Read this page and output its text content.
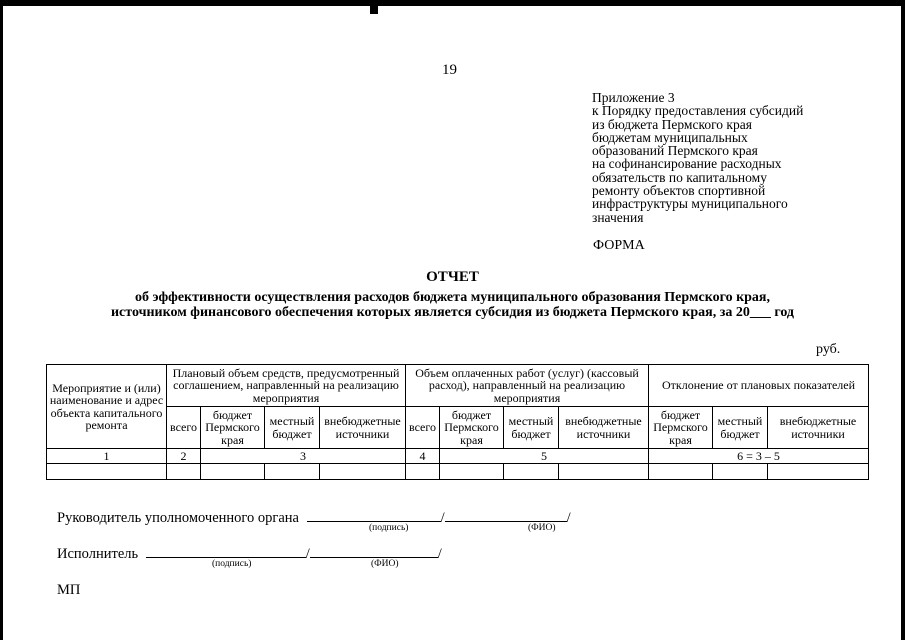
19
Приложение 3
к Порядку предоставления субсидий
из бюджета Пермского края
бюджетам муниципальных
образований Пермского края
на софинансирование расходных
обязательств по капитальному
ремонту объектов спортивной
инфраструктуры муниципального
значения
ФОРМА
ОТЧЕТ
об эффективности осуществления расходов бюджета муниципального образования Пермского края,
источником финансового обеспечения которых является субсидия из бюджета Пермского края, за 20___ год
руб.
Мероприятие и (или) наименование и адрес объекта капитального ремонта	Плановый объем средств, предусмотренный соглашением, направленный на реализацию мероприятия				Объем оплаченных работ (услуг) (кассовый расход), направленный на реализацию мероприятия				Отклонение от плановых показателей		
	всего	бюджет Пермского края	местный бюджет	внебюджетные источники	всего	бюджет Пермского края	местный бюджет	внебюджетные источники	бюджет Пермского края	местный бюджет	внебюджетные источники
1	2	3			4	5			6 = 3 – 5		

Руководитель уполномоченного органа	/	/
(подпись)	(ФИО)
Исполнитель	/	/
(подпись)	(ФИО)
МП
